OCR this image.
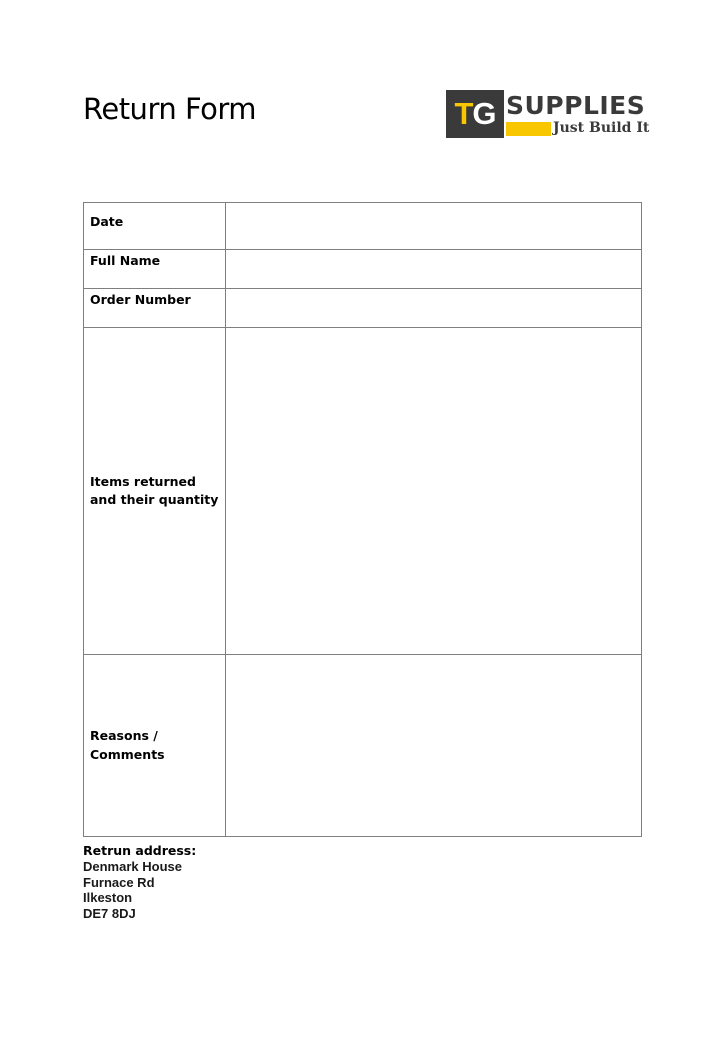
Return Form	T G SUPPLIES
Just Build It
Date	
Full Name	
Order Number	
Items returned and their quantity	
Reasons / Comments	
Retrun address:
Denmark House
Furnace Rd
Ilkeston
DE7 8DJ
